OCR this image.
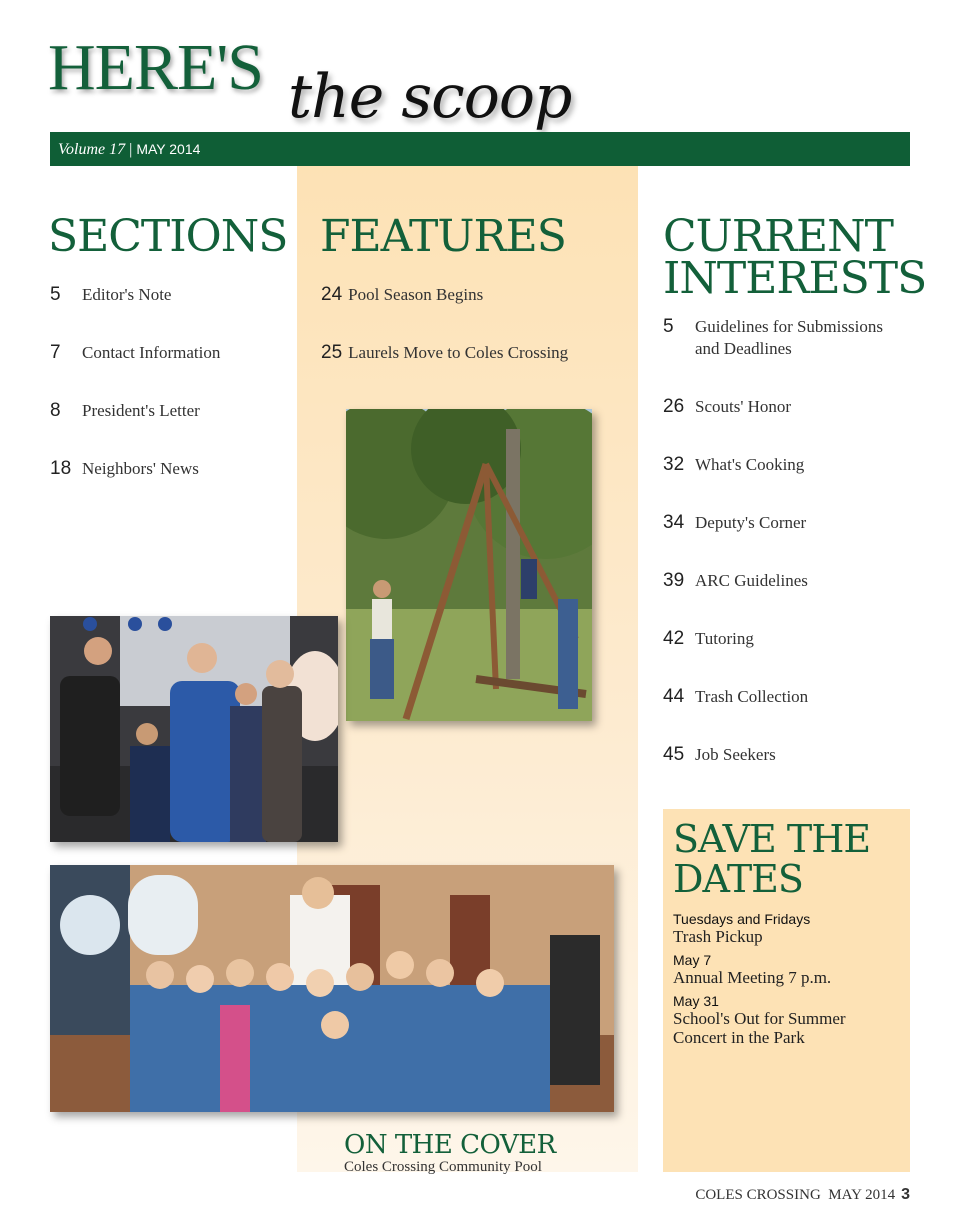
HERE'S the scoop
Volume 17 | MAY 2014
SECTIONS
5 Editor's Note
7 Contact Information
8 President's Letter
18 Neighbors' News
FEATURES
24 Pool Season Begins
25 Laurels Move to Coles Crossing
CURRENT
INTERESTS
5 Guidelines for Submissions and Deadlines
26 Scouts' Honor
32 What's Cooking
34 Deputy's Corner
39 ARC Guidelines
42 Tutoring
44 Trash Collection
45 Job Seekers
SAVE THE
DATES
Tuesdays and Fridays
Trash Pickup
May 7
Annual Meeting 7 p.m.
May 31
School's Out for Summer
Concert in the Park
ON THE COVER
Coles Crossing Community Pool
COLES CROSSING  MAY 2014 3
